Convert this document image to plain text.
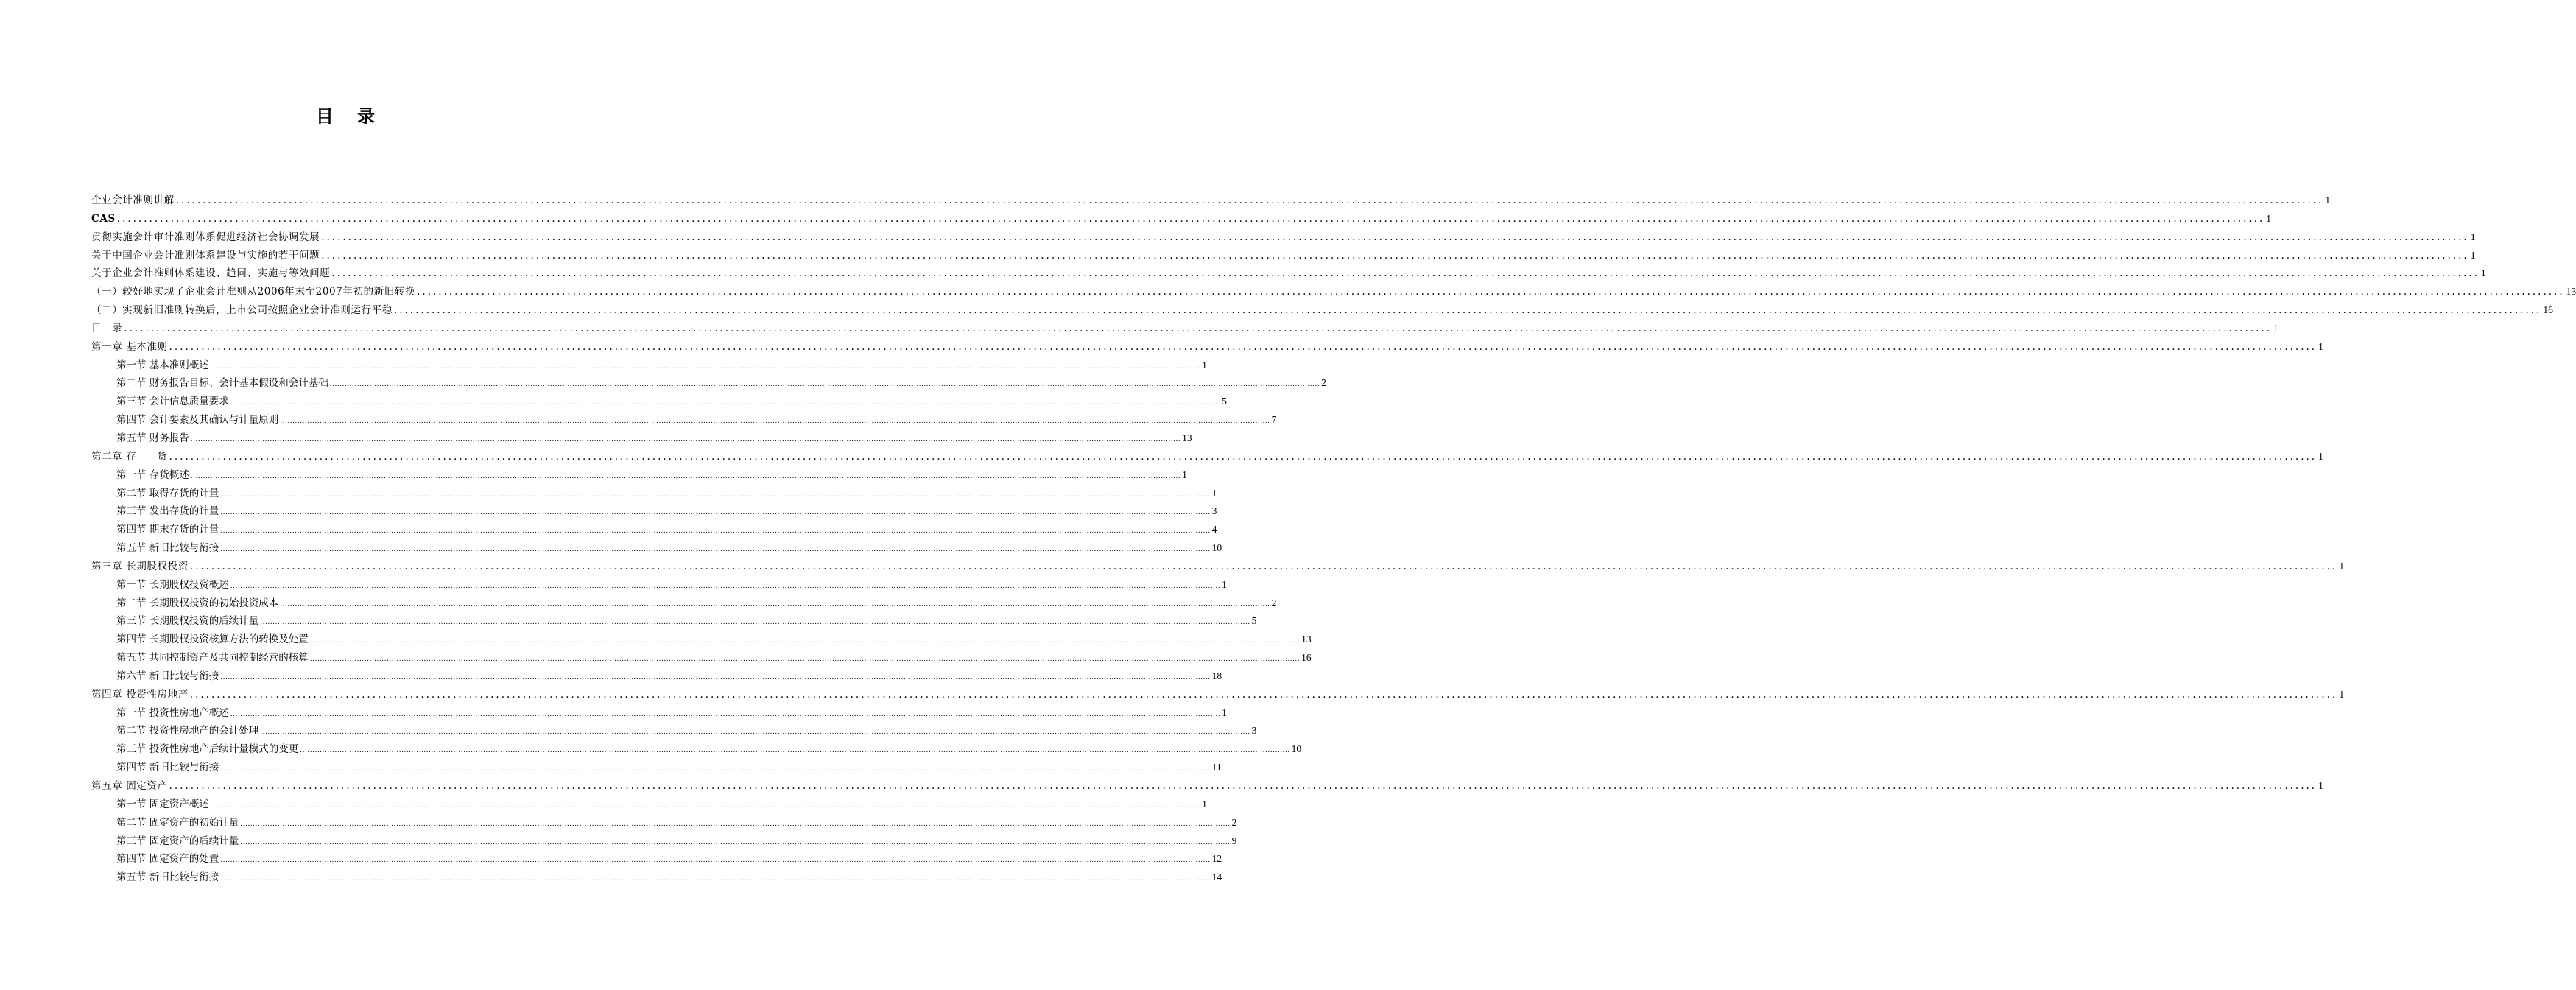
目 录
企业会计准则讲解 ................................................................................................................................................................................................................................................................................................................................................................................................................ 1
CAS ................................................................................................................................................................................................................................................................................................................................................................................................................ 1
贯彻实施会计审计准则体系促进经济社会协调发展 ................................................................................................................................................................................................................................................................................................................................................................................................................ 1
关于中国企业会计准则体系建设与实施的若干问题 ................................................................................................................................................................................................................................................................................................................................................................................................................ 1
关于企业会计准则体系建设、趋同、实施与等效问题 ................................................................................................................................................................................................................................................................................................................................................................................................................ 1
（一）较好地实现了企业会计准则从2006年末至2007年初的新旧转换 ................................................................................................................................................................................................................................................................................................................................................................................................................ 13
（二）实现新旧准则转换后，上市公司按照企业会计准则运行平稳 ................................................................................................................................................................................................................................................................................................................................................................................................................ 16
目　录 ................................................................................................................................................................................................................................................................................................................................................................................................................ 1
第一章 基本准则 ................................................................................................................................................................................................................................................................................................................................................................................................................ 1
第一节 基本准则概述 ................................................................................................................................................................................................................................................................................................................................................................................................................ 1
第二节 财务报告目标、会计基本假设和会计基础 ................................................................................................................................................................................................................................................................................................................................................................................................................ 2
第三节 会计信息质量要求 ................................................................................................................................................................................................................................................................................................................................................................................................................ 5
第四节 会计要素及其确认与计量原则 ................................................................................................................................................................................................................................................................................................................................................................................................................ 7
第五节 财务报告 ................................................................................................................................................................................................................................................................................................................................................................................................................ 13
第二章 存　　货 ................................................................................................................................................................................................................................................................................................................................................................................................................ 1
第一节 存货概述 ................................................................................................................................................................................................................................................................................................................................................................................................................ 1
第二节 取得存货的计量 ................................................................................................................................................................................................................................................................................................................................................................................................................ 1
第三节 发出存货的计量 ................................................................................................................................................................................................................................................................................................................................................................................................................ 3
第四节 期末存货的计量 ................................................................................................................................................................................................................................................................................................................................................................................................................ 4
第五节 新旧比较与衔接 ................................................................................................................................................................................................................................................................................................................................................................................................................ 10
第三章 长期股权投资 ................................................................................................................................................................................................................................................................................................................................................................................................................ 1
第一节 长期股权投资概述 ................................................................................................................................................................................................................................................................................................................................................................................................................ 1
第二节 长期股权投资的初始投资成本 ................................................................................................................................................................................................................................................................................................................................................................................................................ 2
第三节 长期股权投资的后续计量 ................................................................................................................................................................................................................................................................................................................................................................................................................ 5
第四节 长期股权投资核算方法的转换及处置 ................................................................................................................................................................................................................................................................................................................................................................................................................ 13
第五节 共同控制资产及共同控制经营的核算 ................................................................................................................................................................................................................................................................................................................................................................................................................ 16
第六节 新旧比较与衔接 ................................................................................................................................................................................................................................................................................................................................................................................................................ 18
第四章 投资性房地产 ................................................................................................................................................................................................................................................................................................................................................................................................................ 1
第一节 投资性房地产概述 ................................................................................................................................................................................................................................................................................................................................................................................................................ 1
第二节 投资性房地产的会计处理 ................................................................................................................................................................................................................................................................................................................................................................................................................ 3
第三节 投资性房地产后续计量模式的变更 ................................................................................................................................................................................................................................................................................................................................................................................................................ 10
第四节 新旧比较与衔接 ................................................................................................................................................................................................................................................................................................................................................................................................................ 11
第五章 固定资产 ................................................................................................................................................................................................................................................................................................................................................................................................................ 1
第一节 固定资产概述 ................................................................................................................................................................................................................................................................................................................................................................................................................ 1
第二节 固定资产的初始计量 ................................................................................................................................................................................................................................................................................................................................................................................................................ 2
第三节 固定资产的后续计量 ................................................................................................................................................................................................................................................................................................................................................................................................................ 9
第四节 固定资产的处置 ................................................................................................................................................................................................................................................................................................................................................................................................................ 12
第五节 新旧比较与衔接 ................................................................................................................................................................................................................................................................................................................................................................................................................ 14
